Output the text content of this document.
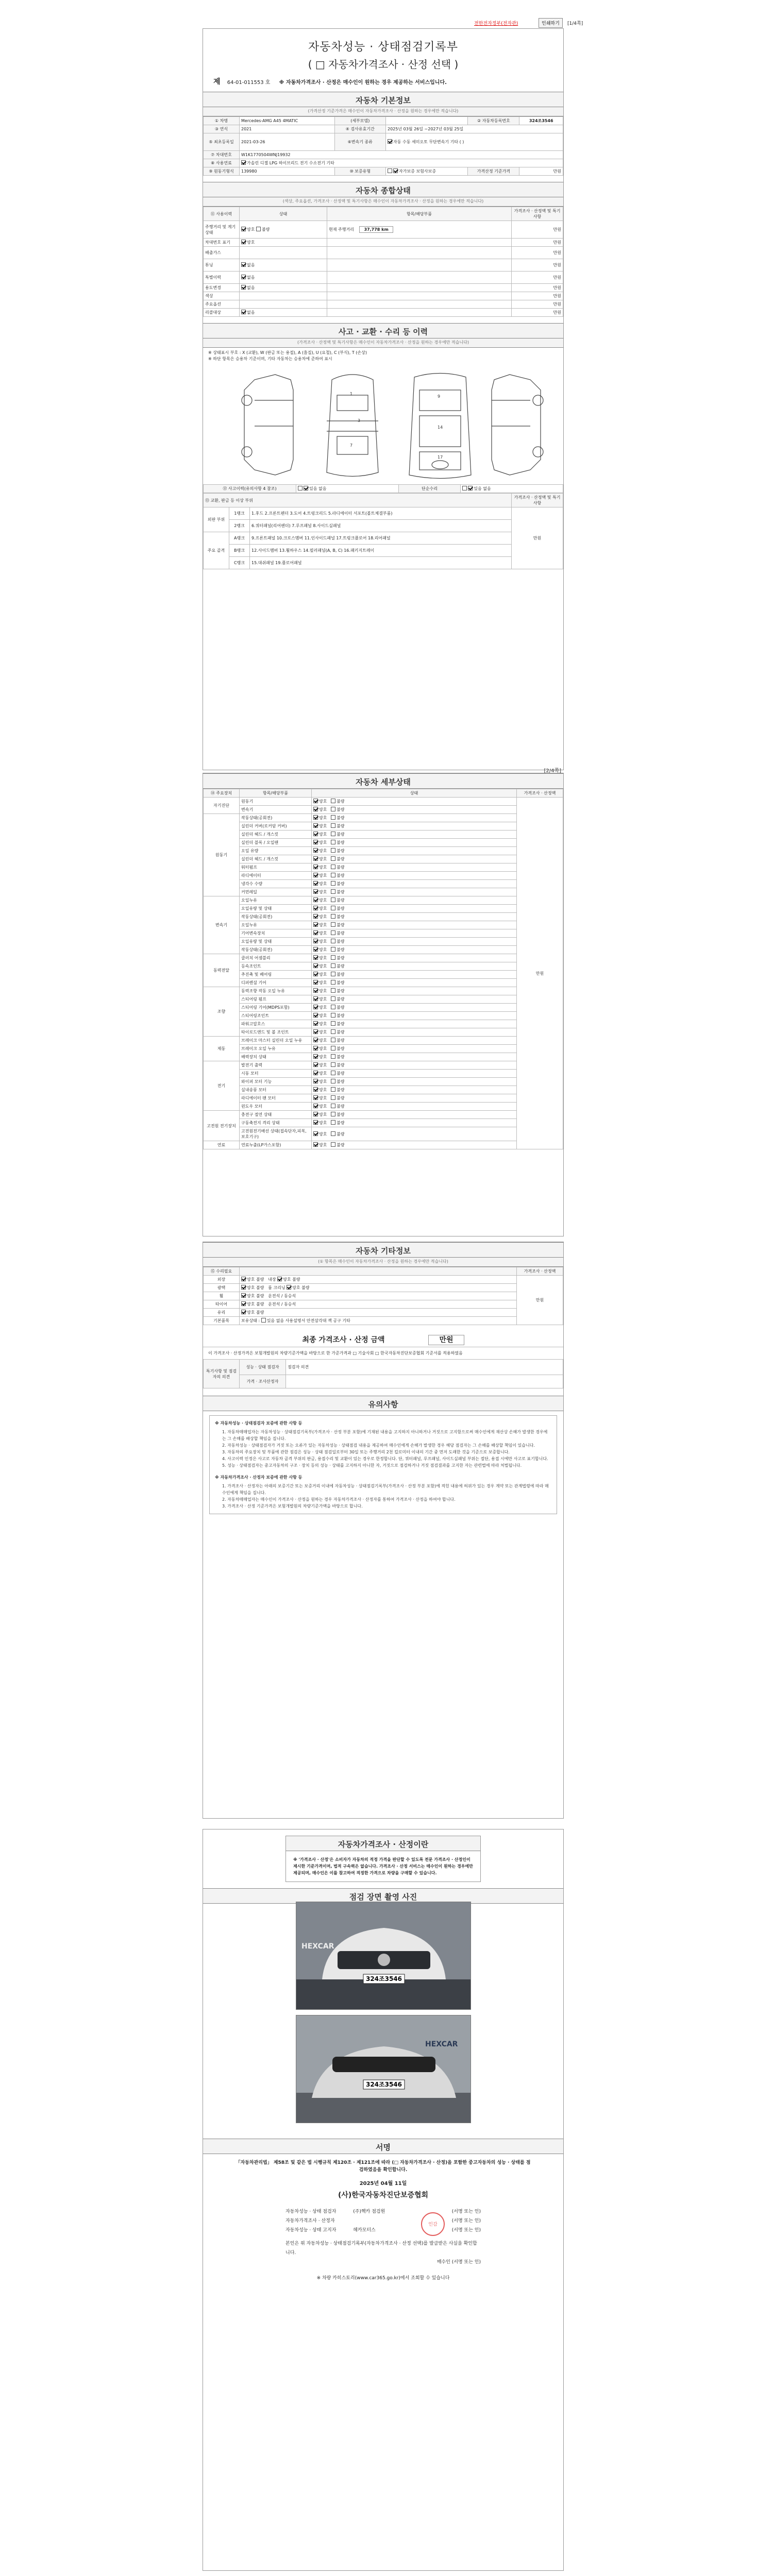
전한전자정부(전자관)	인쇄하기	[1/4쪽]
자동차성능 · 상태점검기록부
( □ 자동차가격조사 · 산정 선택 )
제 64-01-011553 호 ※ 자동차가격조사 · 산정은 매수인이 원하는 경우 제공하는 서비스입니다.
자동차 기본정보
(가격산정 기준가격은 매수인이 자동차가격조사 · 산정을 원하는 경우에만 적습니다)
① 차명	Mercedes-AMG A45 4MATIC	(세부모델)		② 자동차등록번호	324조3546
③ 연식	2021	④ 검사유효기간	2025년 03월 26일 ~2027년 03월 25일		
⑤ 최초등록일	2021-03-26	⑥변속기 종류	자동 수동 세미오토 무단변속기 기타 ( )		
⑦ 차대번호	W1K1770504WNJ19932				
⑧ 사용연료	가솔린 디젤 LPG 하이브리드 전기 수소전기 기타				
⑨ 원동기형식	139980	⑩ 보증유형	자가보증 보험사보증	가격산정 기준가격	만원
자동차 종합상태
(색상, 주요옵션, 가격조사 · 산정액 및 특기사항은 매수인이 자동차가격조사 · 산정을 원하는 경우에만 적습니다)
⑪ 사용이력	상태	항목/해당부품	가격조사 · 산정액 및 특기사항
주행거리 및 계기상태	양호 불량	현재 주행거리 37,778 km	만원
차대번호 표기	양호		만원
배출가스			만원
튜닝	없음		만원
특별이력	없음		만원
용도변경	없음		만원
색상			만원
주요옵션			만원
리콜대상	없음		만원
사고 · 교환 · 수리 등 이력
(가격조사 · 산정액 및 특기사항은 매수인이 자동차가격조사 · 산정을 원하는 경우에만 적습니다)
※ 상태표시 부호 : X (교환), W (판금 또는 용접), A (흠집), U (요철), C (부식), T (손상)
※ 하단 항목은 승용차 기준이며, 기타 자동차는 승용차에 준하여 표시
1
7
9
14
17
3
⑫ 사고이력(유의사항 4 참조)	있음 없음	단순수리	있음 없음
⑬ 교환, 판금 등 이상 부위			가격조사 · 산정액 및 특기사항
외판 부위	1랭크	1.후드 2.프론트펜더 3.도어 4.트렁크리드 5.라디에이터 서포트(볼트체결부품)	만원
	2랭크	6.쿼터패널(리어펜더) 7.루프패널 8.사이드실패널	
주요 골격	A랭크	9.프론트패널 10.크로스멤버 11.인사이드패널 17.트렁크플로어 18.리어패널	
	B랭크	12.사이드멤버 13.휠하우스 14.필러패널(A, B, C) 16.패키지트레이	
	C랭크	15.대쉬패널 19.플로어패널	
[2/4쪽]
자동차 세부상태
⑭ 주요장치	항목/해당부품	상태	가격조사 · 산정액
자기진단	원동기	양호 불량	만원
	변속기	양호 불량	
원동기	작동상태(공회전)	양호 불량	
	실린더 커버(로커암 커버)	양호 불량	
	실린더 헤드 / 개스킷	양호 불량	
	실린더 블록 / 오일팬	양호 불량	
	오일 유량	양호 불량	
	실린더 헤드 / 개스킷	양호 불량	
	워터펌프	양호 불량	
	라디에이터	양호 불량	
	냉각수 수량	양호 불량	
	커먼레일	양호 불량	
변속기	오일누유	양호 불량	
	오일유량 및 상태	양호 불량	
	작동상태(공회전)	양호 불량	
	오일누유	양호 불량	
	기어변속장치	양호 불량	
	오일유량 및 상태	양호 불량	
	작동상태(공회전)	양호 불량	
동력전달	클러치 어셈블리	양호 불량	
	등속조인트	양호 불량	
	추진축 및 베어링	양호 불량	
	디퍼렌셜 기어	양호 불량	
조향	동력조향 작동 오일 누유	양호 불량	
	스티어링 펌프	양호 불량	
	스티어링 기어(MDPS포함)	양호 불량	
	스티어링조인트	양호 불량	
	파워고압호스	양호 불량	
	타이로드엔드 및 볼 조인트	양호 불량	
제동	브레이크 마스터 실린더 오일 누유	양호 불량	
	브레이크 오일 누유	양호 불량	
	배력장치 상태	양호 불량	
전기	발전기 출력	양호 불량	
	시동 모터	양호 불량	
	와이퍼 모터 기능	양호 불량	
	실내송풍 모터	양호 불량	
	라디에이터 팬 모터	양호 불량	
	윈도우 모터	양호 불량	
고전원 전기장치	충전구 절연 상태	양호 불량	
	구동축전지 격리 상태	양호 불량	
	고전원전기배선 상태(접속단자,피복,보호기구)	양호 불량	
연료	연료누출(LP가스포함)	양호 불량	
자동차 기타정보
(① 항목은 매수인이 자동차가격조사 · 산정을 원하는 경우에만 적습니다)
⑮ 수리필요		가격조사 · 산정액
외장	양호 불량 내장 양호 불량	만원
광택	양호 불량 룸 크리닝 양호 불량	
휠	양호 불량 운전석 / 동승석	
타이어	양호 불량 운전석 / 동승석	
유리	양호 불량	
기본품목	보유상태 : 있음 없음 사용설명서 안전삼각대 잭 공구 기타	
최종 가격조사 · 산정 금액	만원
이 가격조사 · 산정가격은 보험개발원의 차량기준가액을 바탕으로 한 가준가격과 □ 기술사회 □ 한국자동차진단보증협회 기준서를 적용하였음
특기사항 및 점검자의 의견	성능 · 상태 점검자	점검자 의견
	가격 · 조사산정자	
유의사항
※ 자동차성능 · 상태점검자 보증에 관한 사항 등

1. 자동차매매업자는 자동차성능 · 상태점검기록부(가격조사 · 산정 부분 포함)에 기재된 내용을 고지하지 아니하거나 거짓으로 고지함으로써 매수인에게 재산상 손해가 발생한 경우에는 그 손해를 배상할 책임을 집니다.

2. 자동차성능 · 상태점검자가 거짓 또는 오류가 있는 자동차성능 · 상태점검 내용을 제공하여 매수인에게 손해가 발생한 경우 해당 점검자는 그 손해를 배상할 책임이 있습니다.

3. 자동차의 주요장치 및 부품에 관한 점검은 성능 · 상태 점검일로부터 30일 또는 주행거리 2천 킬로미터 이내의 기간 중 먼저 도래한 것을 기준으로 보증합니다.

4. 사고이력 인정은 사고로 자동차 골격 부위의 판금, 용접수리 및 교환이 있는 경우로 한정합니다. 단, 쿼터패널, 루프패널, 사이드실패널 부위는 절단, 용접 시에만 사고로 표기합니다.

5. 성능 · 상태점검자는 중고자동차의 구조 · 장치 등의 성능 · 상태를 고지하지 아니한 자, 거짓으로 점검하거나 거짓 점검결과를 고지한 자는 관련법에 따라 처벌됩니다.

※ 자동차가격조사 · 산정자 보증에 관한 사항 등

1. 가격조사 · 산정자는 아래의 보증기간 또는 보증거리 이내에 자동차성능 · 상태점검기록부(가격조사 · 산정 부분 포함)에 적힌 내용에 허위가 있는 경우 계약 또는 관계법령에 따라 매수인에게 책임을 집니다.

2. 자동차매매업자는 매수인이 가격조사 · 산정을 원하는 경우 자동차가격조사 · 산정자를 통하여 가격조사 · 산정을 하여야 합니다.

3. 가격조사 · 산정 기준가격은 보험개발원의 차량기준가액을 바탕으로 합니다.

자동차가격조사 · 산정이란
※ '가격조사 · 산정'은 소비자가 자동차의 적정 가격을 판단할 수 있도록 전문 가격조사 · 산정인이 제시한 기준가격이며, 법적 구속력은 없습니다. 가격조사 · 산정 서비스는 매수인이 원하는 경우에만 제공되며, 매수인은 이를 참고하여 적정한 가격으로 차량을 구매할 수 있습니다.
점검 장면 촬영 사진
324조3546
HEXCAR
324조3546
HEXCAR
서명
「자동차관리법」 제58조 및 같은 법 시행규칙 제120조 · 제121조에 따라 (□ 자동차가격조사 · 산정)을 포함한 중고자동차의 성능 · 상태를 점검하였음을 확인합니다.
2025년 04월 11일
(사)한국자동차진단보증협회
자동차성능 · 상태 점검자	(주)헥카 점검원	(서명 또는 인)
자동차가격조사 · 산정자	(서명 또는 인)
자동차성능 · 상태 고지자	헤카모터스	(서명 또는 인)
본인은 위 자동차성능 · 상태점검기록부(자동차가격조사 · 산정 선택)를 발급받은 사실을 확인합니다.
매수인 (서명 또는 인)
인감
※ 차량 카히스토리(www.car365.go.kr)에서 조회할 수 있습니다
